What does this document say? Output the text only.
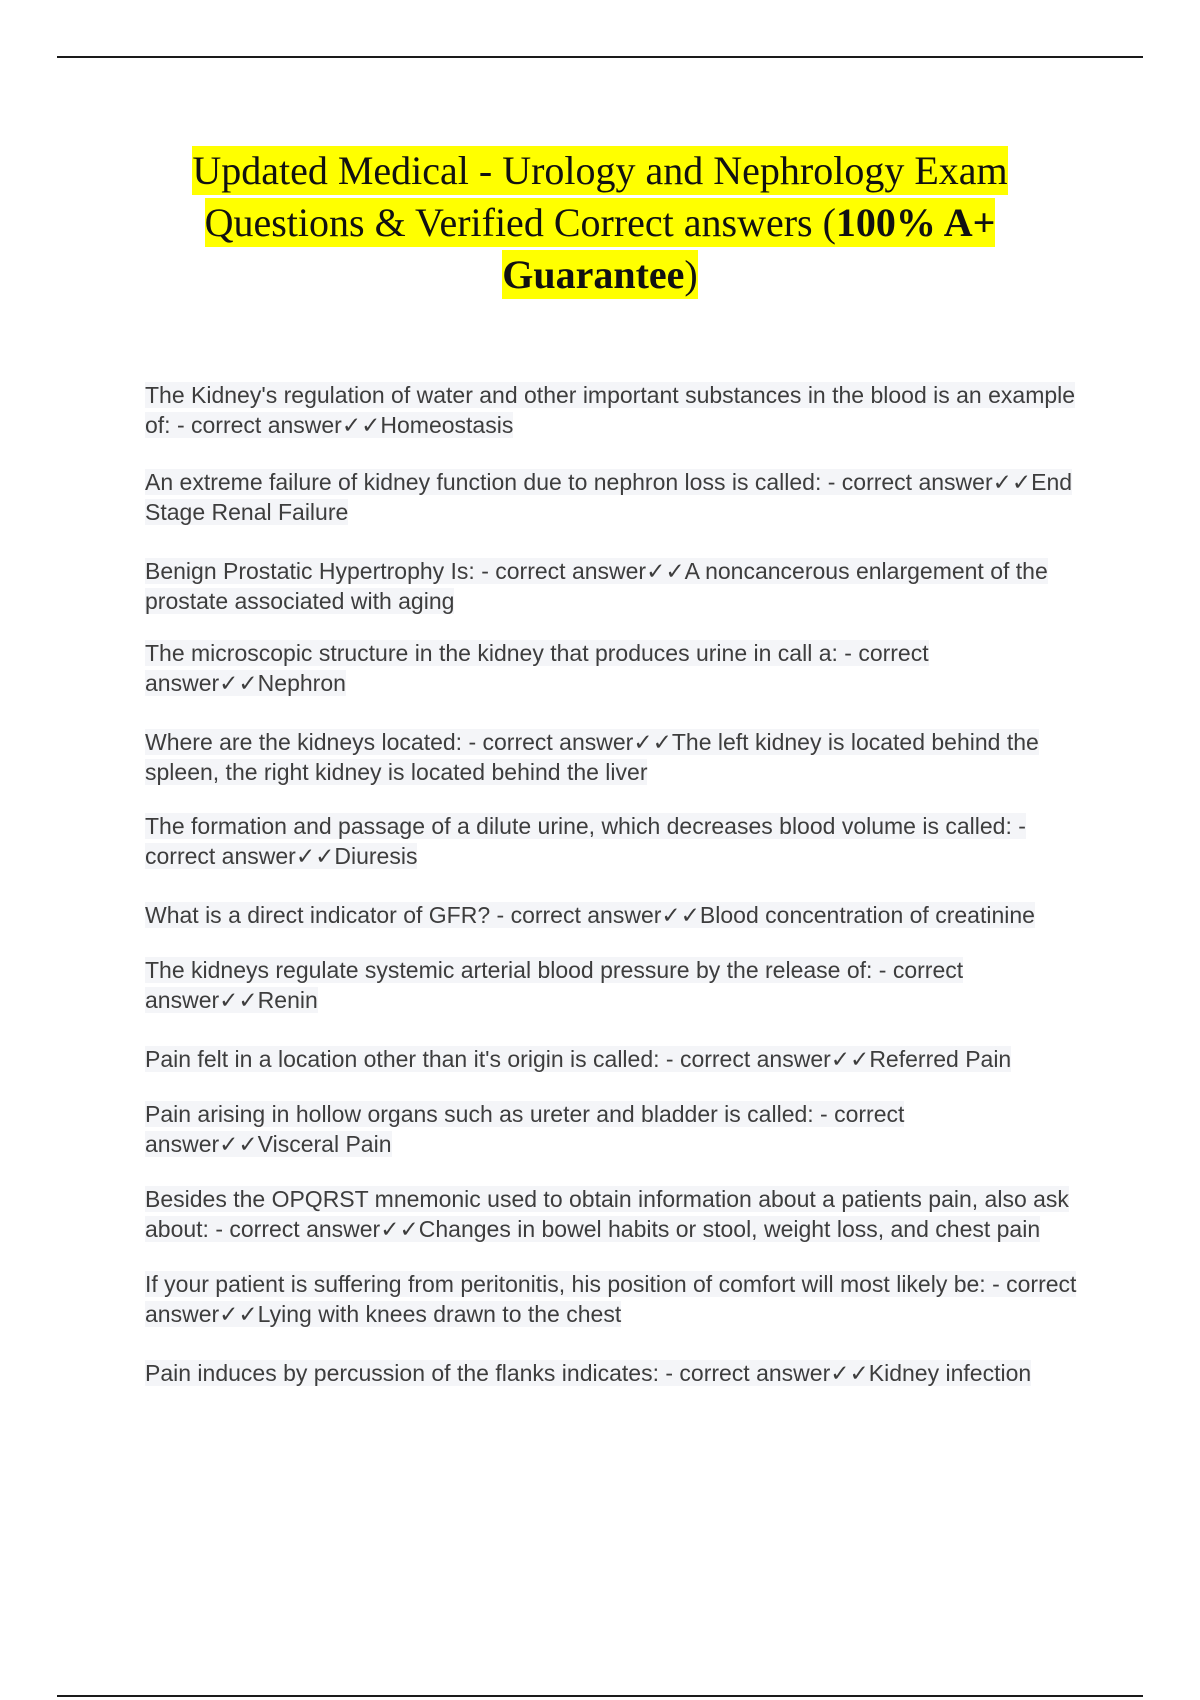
Updated Medical - Urology and Nephrology Exam
Questions & Verified Correct answers (100% A+
Guarantee)

The Kidney's regulation of water and other important substances in the blood is an example of: - correct answer✓✓Homeostasis

An extreme failure of kidney function due to nephron loss is called: - correct answer✓✓End Stage Renal Failure

Benign Prostatic Hypertrophy Is: - correct answer✓✓A noncancerous enlargement of the prostate associated with aging

The microscopic structure in the kidney that produces urine in call a: - correct answer✓✓Nephron

Where are the kidneys located: - correct answer✓✓The left kidney is located behind the spleen, the right kidney is located behind the liver

The formation and passage of a dilute urine, which decreases blood volume is called: - correct answer✓✓Diuresis

What is a direct indicator of GFR? - correct answer✓✓Blood concentration of creatinine

The kidneys regulate systemic arterial blood pressure by the release of: - correct answer✓✓Renin

Pain felt in a location other than it's origin is called: - correct answer✓✓Referred Pain

Pain arising in hollow organs such as ureter and bladder is called: - correct answer✓✓Visceral Pain

Besides the OPQRST mnemonic used to obtain information about a patients pain, also ask about: - correct answer✓✓Changes in bowel habits or stool, weight loss, and chest pain

If your patient is suffering from peritonitis, his position of comfort will most likely be: - correct answer✓✓Lying with knees drawn to the chest

Pain induces by percussion of the flanks indicates: - correct answer✓✓Kidney infection
